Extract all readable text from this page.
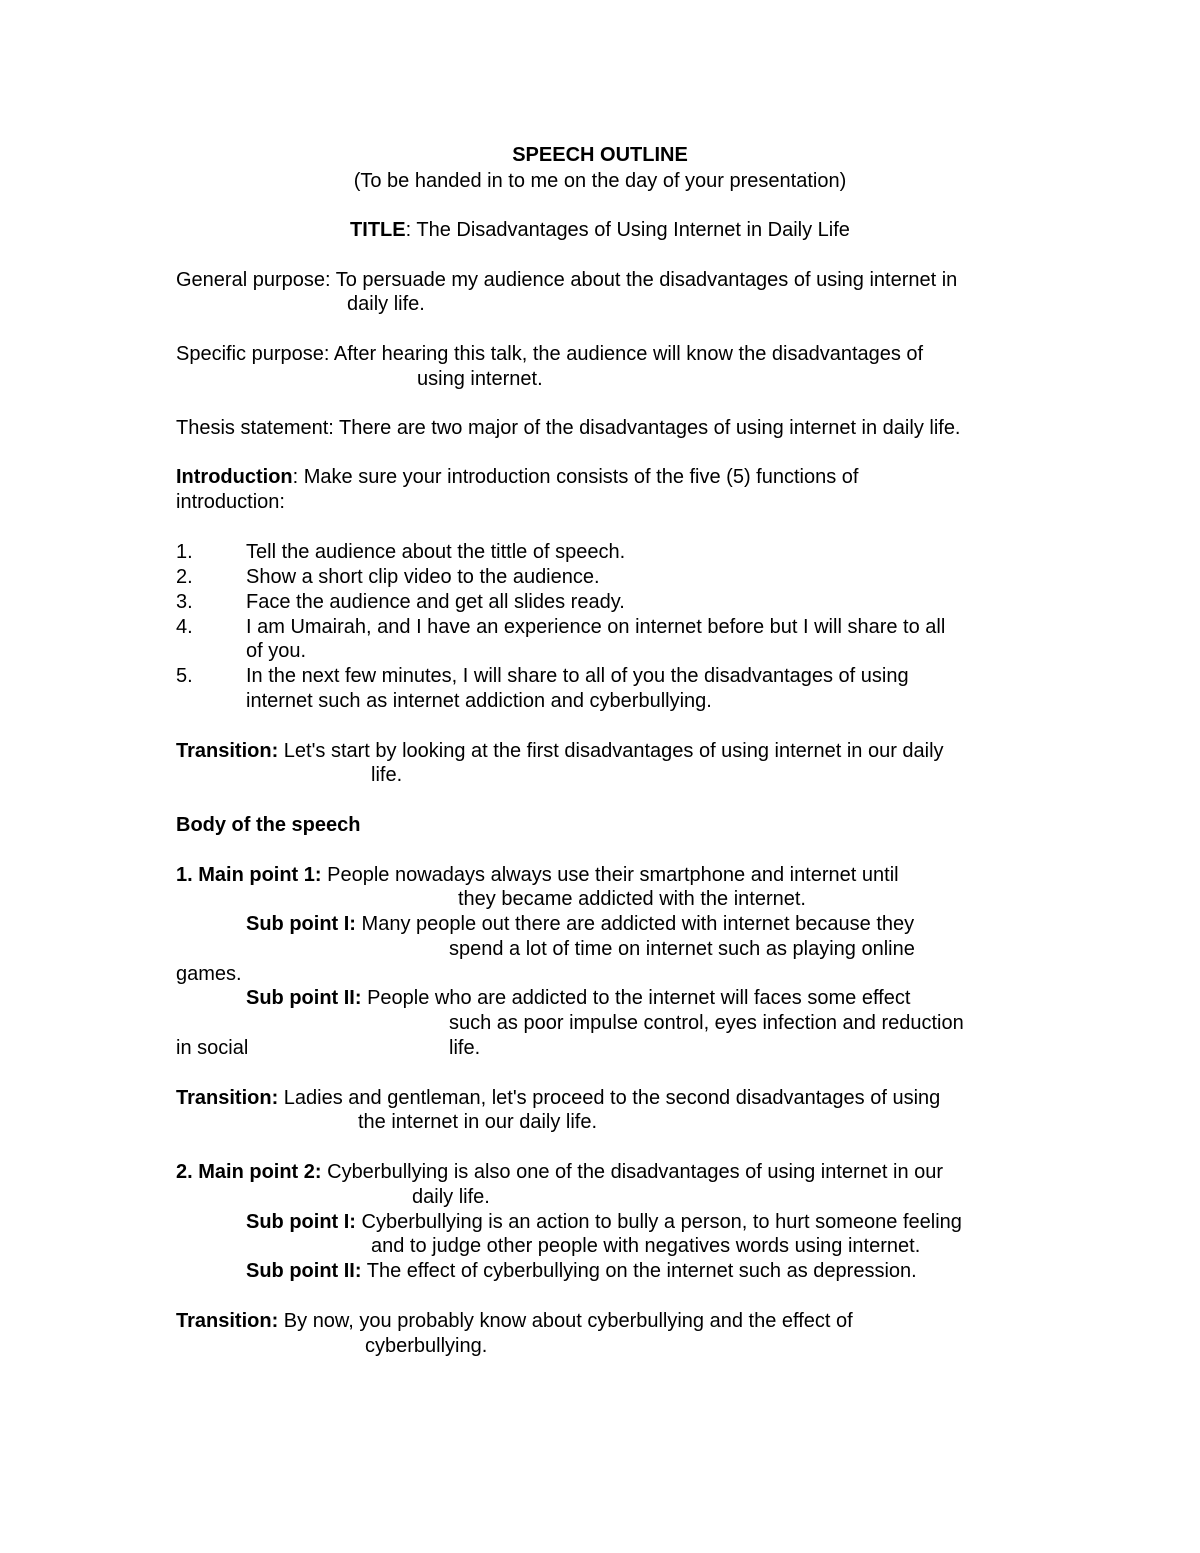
SPEECH OUTLINE
(To be handed in to me on the day of your presentation)
TITLE: The Disadvantages of Using Internet in Daily Life
General purpose: To persuade my audience about the disadvantages of using internet in
daily life.
Specific purpose: After hearing this talk, the audience will know the disadvantages of
using internet.
Thesis statement: There are two major of the disadvantages of using internet in daily life.
Introduction: Make sure your introduction consists of the five (5) functions of
introduction:
1.	Tell the audience about the tittle of speech.
2.	Show a short clip video to the audience.
3.	Face the audience and get all slides ready.
4.	I am Umairah, and I have an experience on internet before but I will share to all
of you.
5.	In the next few minutes, I will share to all of you the disadvantages of using
internet such as internet addiction and cyberbullying.
Transition: Let's start by looking at the first disadvantages of using internet in our daily
life.
Body of the speech
1. Main point 1: People nowadays always use their smartphone and internet until
they became addicted with the internet.
Sub point I: Many people out there are addicted with internet because they
spend a lot of time on internet such as playing online
games.
Sub point II: People who are addicted to the internet will faces some effect
such as poor impulse control, eyes infection and reduction
in social	life.
Transition: Ladies and gentleman, let's proceed to the second disadvantages of using
the internet in our daily life.
2. Main point 2: Cyberbullying is also one of the disadvantages of using internet in our
daily life.
Sub point I: Cyberbullying is an action to bully a person, to hurt someone feeling
and to judge other people with negatives words using internet.
Sub point II: The effect of cyberbullying on the internet such as depression.
Transition: By now, you probably know about cyberbullying and the effect of
cyberbullying.
